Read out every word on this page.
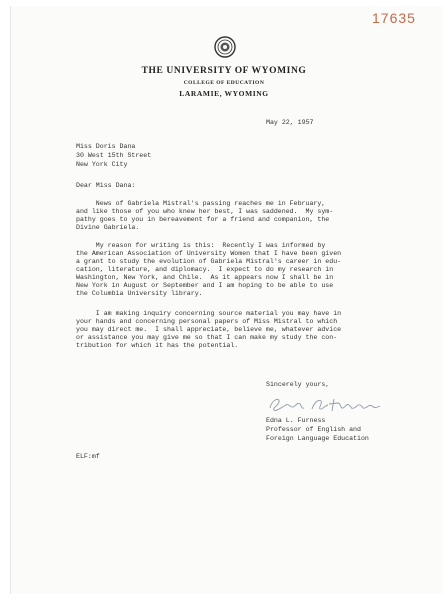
17635
THE UNIVERSITY OF WYOMING
COLLEGE OF EDUCATION
LARAMIE, WYOMING
May 22, 1957
Miss Doris Dana
30 West 15th Street
New York City
Dear Miss Dana:
News of Gabriela Mistral's passing reaches me in February,
and like those of you who knew her best, I was saddened.  My sym-
pathy goes to you in bereavement for a friend and companion, the
Divine Gabriela.
My reason for writing is this:  Recently I was informed by
the American Association of University Women that I have been given
a grant to study the evolution of Gabriela Mistral's career in edu-
cation, literature, and diplomacy.  I expect to do my research in
Washington, New York, and Chile.  As it appears now I shall be in
New York in August or September and I am hoping to be able to use
the Columbia University library.
I am making inquiry concerning source material you may have in
your hands and concerning personal papers of Miss Mistral to which
you may direct me.  I shall appreciate, believe me, whatever advice
or assistance you may give me so that I can make my study the con-
tribution for which it has the potential.
Sincerely yours,
Edna L. Furness
Professor of English and
Foreign Language Education
ELF:mf
